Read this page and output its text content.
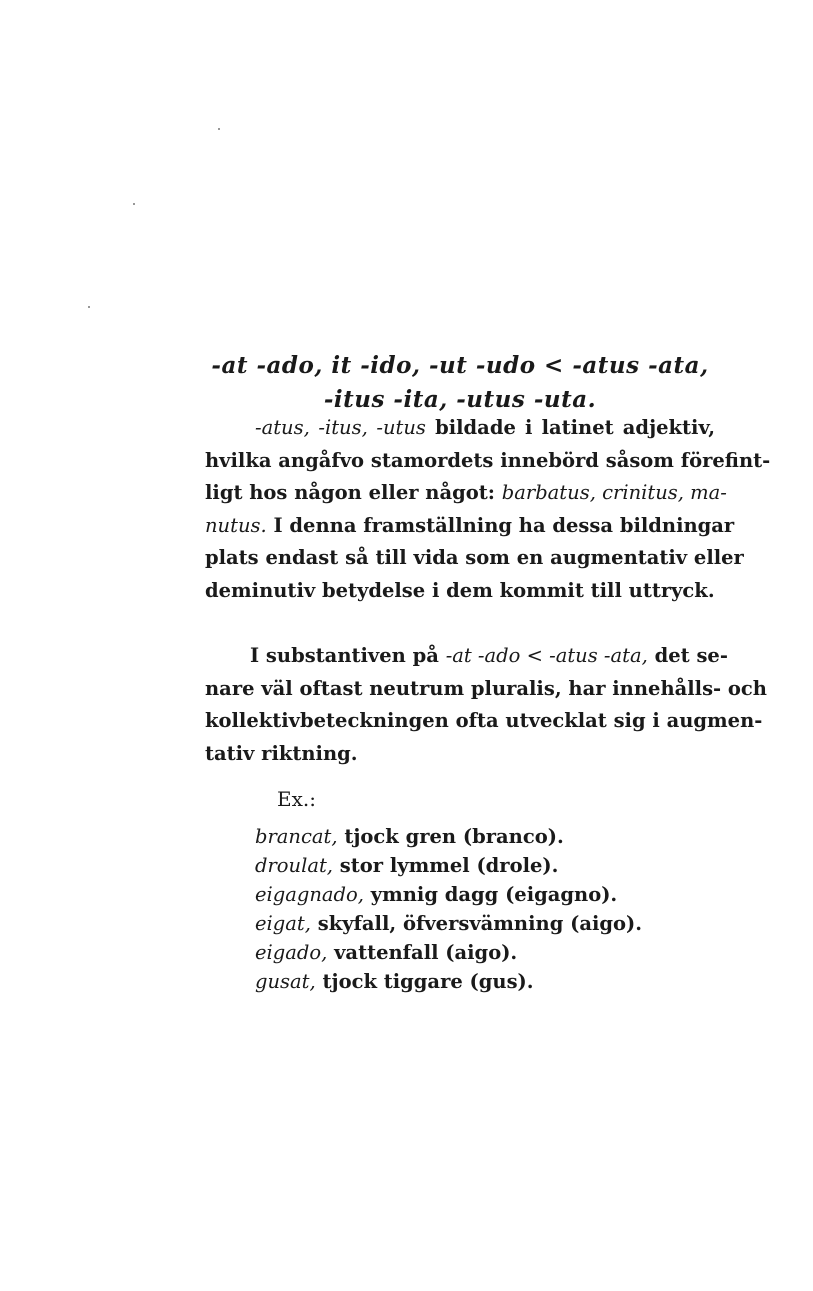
-at -ado, it -ido, -ut -udo < -atus -ata,
-itus -ita, -utus -uta.
-atus, -itus, -utus bildade i latinet adjektiv,
hvilka angåfvo stamordets innebörd såsom förefint-
ligt hos någon eller något: barbatus, crinitus, ma-
nutus. I denna framställning ha dessa bildningar
plats endast så till vida som en augmentativ eller
deminutiv betydelse i dem kommit till uttryck.
I substantiven på -at -ado < -atus -ata, det se-
nare väl oftast neutrum pluralis, har innehålls- och
kollektivbeteckningen ofta utvecklat sig i augmen-
tativ riktning.
Ex.:
brancat, tjock gren (branco).
droulat, stor lymmel (drole).
eigagnado, ymnig dagg (eigagno).
eigat, skyfall, öfversvämning (aigo).
eigado, vattenfall (aigo).
gusat, tjock tiggare (gus).
